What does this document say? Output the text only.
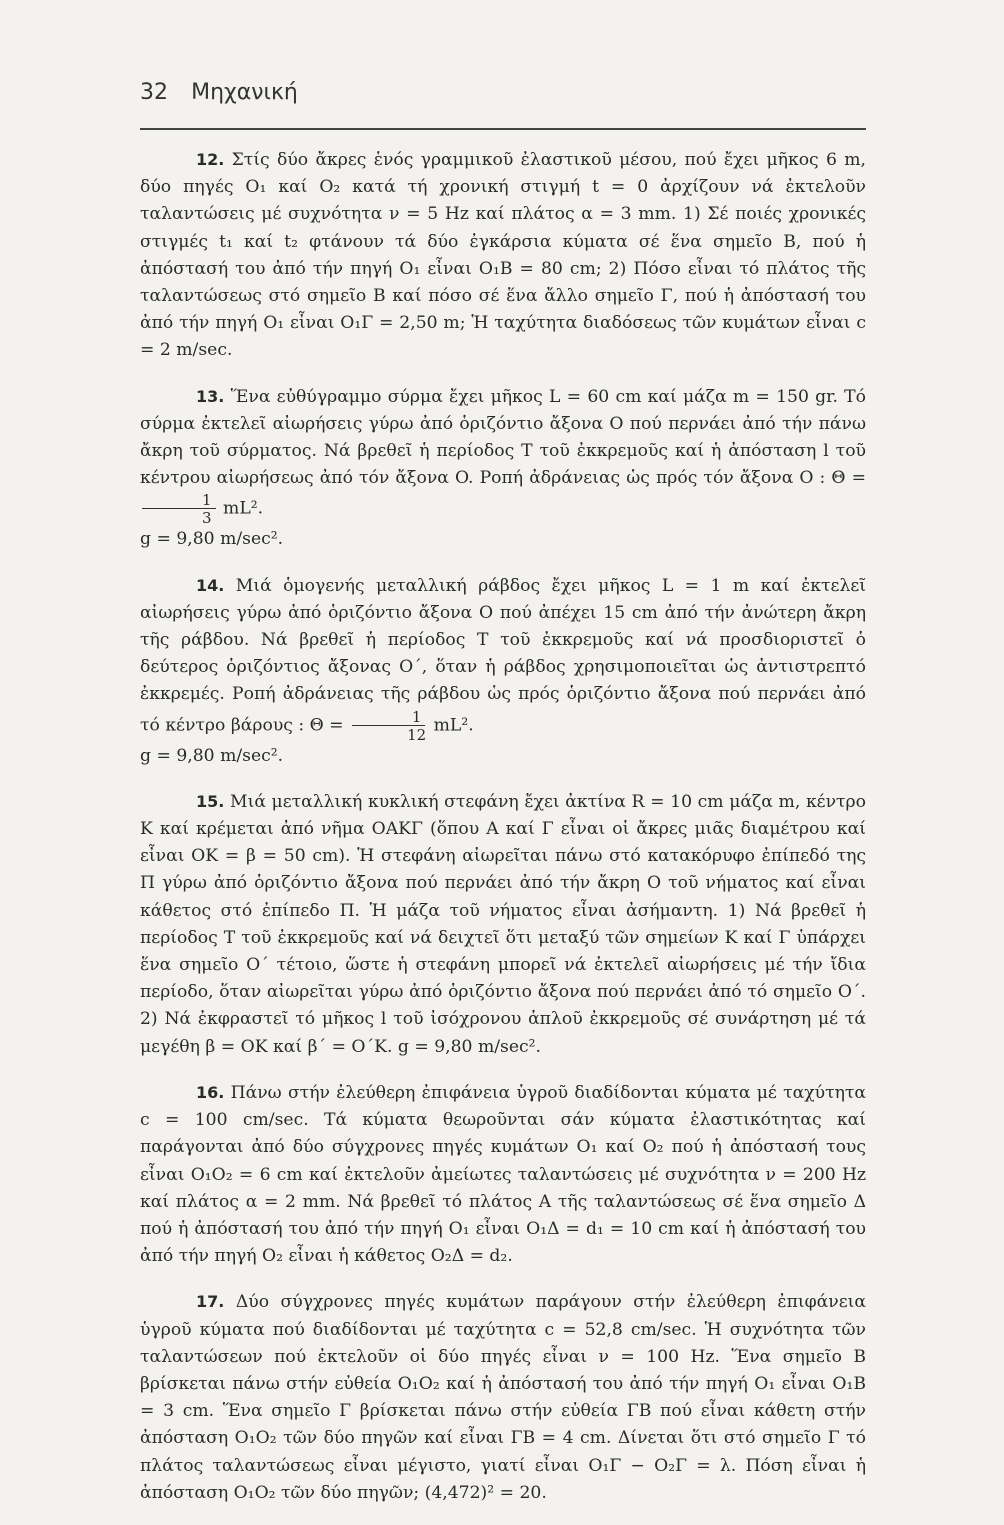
32 Μηχανική

12. Στίς δύο ἄκρες ἑνός γραμμικοῦ ἐλαστικοῦ μέσου, πού ἔχει μῆκος 6 m, δύο πηγές O₁ καί O₂ κατά τή χρονική στιγμή t = 0 ἀρχίζουν νά ἐκτελοῦν ταλαντώσεις μέ συχνότητα ν = 5 Hz καί πλάτος α = 3 mm. 1) Σέ ποιές χρονικές στιγμές t₁ καί t₂ φτάνουν τά δύο ἐγκάρσια κύματα σέ ἕνα σημεῖο B, πού ἡ ἀπόστασή του ἀπό τήν πηγή O₁ εἶναι O₁B = 80 cm; 2) Πόσο εἶναι τό πλάτος τῆς ταλαντώσεως στό σημεῖο B καί πόσο σέ ἕνα ἄλλο σημεῖο Γ, πού ἡ ἀπόστασή του ἀπό τήν πηγή O₁ εἶναι O₁Γ = 2,50 m; Ἡ ταχύτητα διαδόσεως τῶν κυμάτων εἶναι c = 2 m/sec.

13. Ἕνα εὐθύγραμμο σύρμα ἔχει μῆκος L = 60 cm καί μάζα m = 150 gr. Τό σύρμα ἐκτελεῖ αἰωρήσεις γύρω ἀπό ὁριζόντιο ἄξονα O πού περνάει ἀπό τήν πάνω ἄκρη τοῦ σύρματος. Νά βρεθεῖ ἡ περίοδος T τοῦ ἐκκρεμοῦς καί ἡ ἀπόσταση l τοῦ κέντρου αἰωρήσεως ἀπό τόν ἄξονα O. Ροπή ἀδράνειας ὡς πρός τόν ἄξονα O : Θ =
$\frac{1}{3} mL^2$.

g = 9,80 m/sec².

14. Μιά ὁμογενής μεταλλική ράβδος ἔχει μῆκος L = 1 m καί ἐκτελεῖ αἰωρήσεις γύρω ἀπό ὁριζόντιο ἄξονα O πού ἀπέχει 15 cm ἀπό τήν ἀνώτερη ἄκρη τῆς ράβδου. Νά βρεθεῖ ἡ περίοδος T τοῦ ἐκκρεμοῦς καί νά προσδιοριστεῖ ὁ δεύτερος ὁριζόντιος ἄξονας O΄, ὅταν ἡ ράβδος χρησιμοποιεῖται ὡς ἀντιστρεπτό ἐκκρεμές. Ροπή ἀδράνειας τῆς ράβδου ὡς πρός ὁριζόντιο ἄξονα πού περνάει ἀπό τό κέντρο βάρους : $\Theta = \frac{1}{12} mL^2$.

g = 9,80 m/sec².

15. Μιά μεταλλική κυκλική στεφάνη ἔχει ἀκτίνα R = 10 cm μάζα m, κέντρο K καί κρέμεται ἀπό νῆμα OAKΓ (ὅπου A καί Γ εἶναι οἱ ἄκρες μιᾶς διαμέτρου καί εἶναι OK = β = 50 cm). Ἡ στεφάνη αἰωρεῖται πάνω στό κατακόρυφο ἐπίπεδό της Π γύρω ἀπό ὁριζόντιο ἄξονα πού περνάει ἀπό τήν ἄκρη O τοῦ νήματος καί εἶναι κάθετος στό ἐπίπεδο Π. Ἡ μάζα τοῦ νήματος εἶναι ἀσήμαντη. 1) Νά βρεθεῖ ἡ περίοδος T τοῦ ἐκκρεμοῦς καί νά δειχτεῖ ὅτι μεταξύ τῶν σημείων K καί Γ ὑπάρχει ἕνα σημεῖο O΄ τέτοιο, ὥστε ἡ στεφάνη μπορεῖ νά ἐκτελεῖ αἰωρήσεις μέ τήν ἴδια περίοδο, ὅταν αἰωρεῖται γύρω ἀπό ὁριζόντιο ἄξονα πού περνάει ἀπό τό σημεῖο O΄. 2) Νά ἐκφραστεῖ τό μῆκος l τοῦ ἰσόχρονου ἁπλοῦ ἐκκρεμοῦς σέ συνάρτηση μέ τά μεγέθη β = OK καί β΄ = O΄K. g = 9,80 m/sec².

16. Πάνω στήν ἐλεύθερη ἐπιφάνεια ὑγροῦ διαδίδονται κύματα μέ ταχύτητα c = 100 cm/sec. Τά κύματα θεωροῦνται σάν κύματα ἐλαστικότητας καί παράγονται ἀπό δύο σύγχρονες πηγές κυμάτων O₁ καί O₂ πού ἡ ἀπόστασή τους εἶναι O₁O₂ = 6 cm καί ἐκτελοῦν ἀμείωτες ταλαντώσεις μέ συχνότητα ν = 200 Hz καί πλάτος α = 2 mm. Νά βρεθεῖ τό πλάτος A τῆς ταλαντώσεως σέ ἕνα σημεῖο Δ πού ἡ ἀπόστασή του ἀπό τήν πηγή O₁ εἶναι O₁Δ = d₁ = 10 cm καί ἡ ἀπόστασή του ἀπό τήν πηγή O₂ εἶναι ἡ κάθετος O₂Δ = d₂.

17. Δύο σύγχρονες πηγές κυμάτων παράγουν στήν ἐλεύθερη ἐπιφάνεια ὑγροῦ κύματα πού διαδίδονται μέ ταχύτητα c = 52,8 cm/sec. Ἡ συχνότητα τῶν ταλαντώσεων πού ἐκτελοῦν οἱ δύο πηγές εἶναι ν = 100 Hz. Ἕνα σημεῖο B βρίσκεται πάνω στήν εὐθεία O₁O₂ καί ἡ ἀπόστασή του ἀπό τήν πηγή O₁ εἶναι O₁B = 3 cm. Ἕνα σημεῖο Γ βρίσκεται πάνω στήν εὐθεία ΓB πού εἶναι κάθετη στήν ἀπόσταση O₁O₂ τῶν δύο πηγῶν καί εἶναι ΓB = 4 cm. Δίνεται ὅτι στό σημεῖο Γ τό πλάτος ταλαντώσεως εἶναι μέγιστο, γιατί εἶναι O₁Γ − O₂Γ = λ. Πόση εἶναι ἡ ἀπόσταση O₁O₂ τῶν δύο πηγῶν; (4,472)² = 20.
